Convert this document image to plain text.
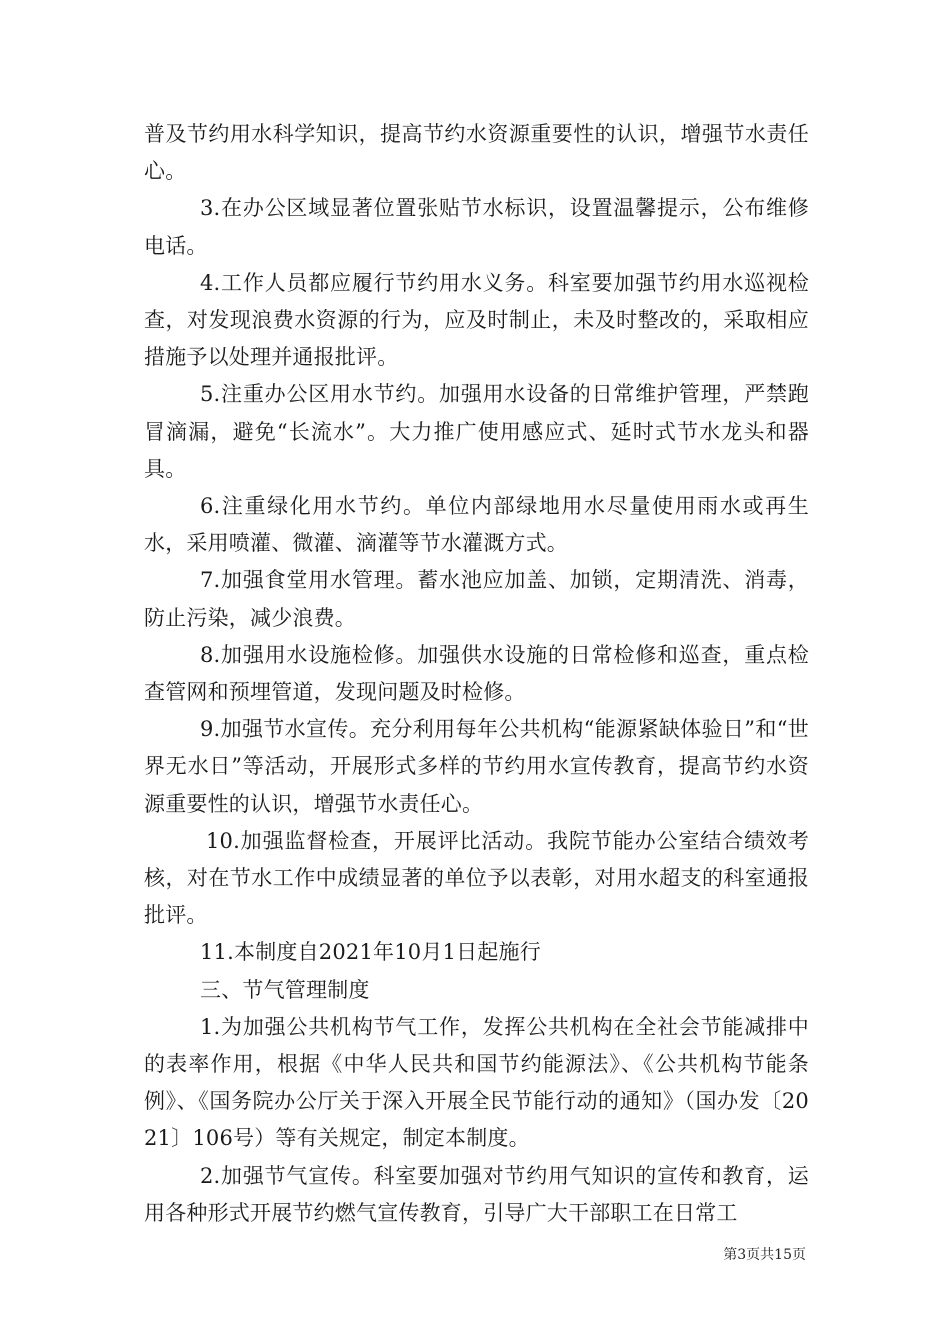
普及节约用水科学知识，提高节约水资源重要性的认识，增强节水责任心。

3.在办公区域显著位置张贴节水标识，设置温馨提示，公布维修电话。

4.工作人员都应履行节约用水义务。科室要加强节约用水巡视检查，对发现浪费水资源的行为，应及时制止，未及时整改的，采取相应措施予以处理并通报批评。

5.注重办公区用水节约。加强用水设备的日常维护管理，严禁跑冒滴漏，避免“长流水”。大力推广使用感应式、延时式节水龙头和器具。

6.注重绿化用水节约。单位内部绿地用水尽量使用雨水或再生水，采用喷灌、微灌、滴灌等节水灌溉方式。

7.加强食堂用水管理。蓄水池应加盖、加锁，定期清洗、消毒，防止污染，减少浪费。

8.加强用水设施检修。加强供水设施的日常检修和巡查，重点检查管网和预埋管道，发现问题及时检修。

9.加强节水宣传。充分利用每年公共机构“能源紧缺体验日”和“世界无水日”等活动，开展形式多样的节约用水宣传教育，提高节约水资源重要性的认识，增强节水责任心。

10.加强监督检查，开展评比活动。我院节能办公室结合绩效考核，对在节水工作中成绩显著的单位予以表彰，对用水超支的科室通报批评。

11.本制度自2021年10月1日起施行

三、节气管理制度

1.为加强公共机构节气工作，发挥公共机构在全社会节能减排中的表率作用，根据《中华人民共和国节约能源法》、《公共机构节能条例》、《国务院办公厅关于深入开展全民节能行动的通知》（国办发〔2021〕106号）等有关规定，制定本制度。

2.加强节气宣传。科室要加强对节约用气知识的宣传和教育，运用各种形式开展节约燃气宣传教育，引导广大干部职工在日常工

第3页共15页
